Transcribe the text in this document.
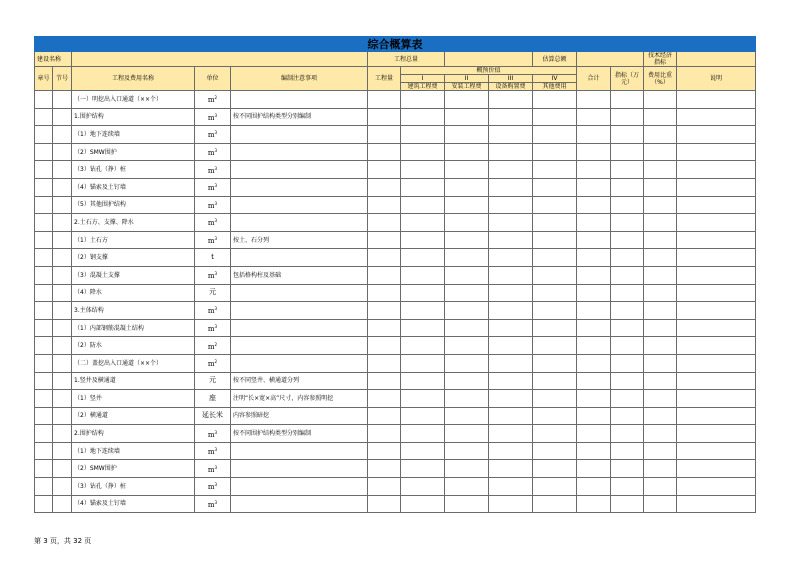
综合概算表													
建设名称					工程总量				估算总额			技术经济指标	
章号	节号	工程及费用名称	单位	编制注意事项	工程量	概预价值				合计	指标（万元）	费用比重（%）	说明
						I	II	III	IV				
						建筑工程费	安装工程费	设备购置费	其他费用				
		（一）明挖出入口通道（××个）	$m^2$										
		1.围护结构	$m^3$	按不同围护结构类型分别编制									
		（1）地下连续墙	$m^3$										
		（2）SMW围护	$m^3$										
		（3）钻孔（挣）桩	$m^3$										
		（4）锚索及土钉墙	$m^3$										
		（5）其他围护结构	$m^3$										
		2.土石方、支撑、降水	$m^3$										
		（1）土石方	$m^3$	按土、石分列									
		（2）钢支撑	t										
		（3）混凝土支撑	$m^3$	包括格构柱及基础									
		（4）降水	元										
		3.主体结构	$m^3$										
		（1）内部钢筋混凝土结构	$m^3$										
		（2）防水	$m^2$										
		（二）盖挖出入口通道（××个）	$m^2$										
		1.竖井及横通道	元	按不同竖井、横通道分列									
		（1）竖井	座	注明“长×宽×高”尺寸，内容参照明挖									
		（2）横通道	延长米	内容参照暗挖									
		2.围护结构	$m^3$	按不同围护结构类型分别编制									
		（1）地下连续墙	$m^3$										
		（2）SMW围护	$m^3$										
		（3）钻孔（挣）桩	$m^3$										
		（4）锚索及土钉墙	$m^3$										
第 3 页，共 32 页
